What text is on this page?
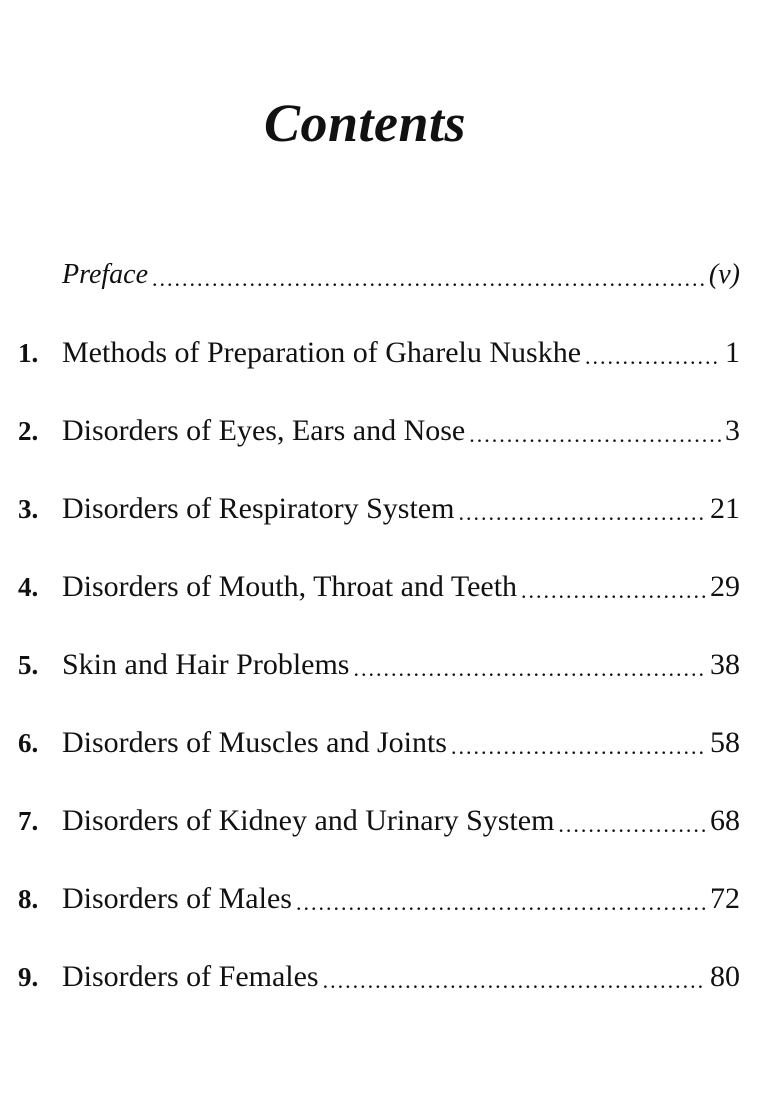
Contents
Preface .....	(v)
1. Methods of Preparation of Gharelu Nuskhe .....	1
2. Disorders of Eyes, Ears and Nose .....	3
3. Disorders of Respiratory System .....	21
4. Disorders of Mouth, Throat and Teeth .....	29
5. Skin and Hair Problems .....	38
6. Disorders of Muscles and Joints .....	58
7. Disorders of Kidney and Urinary System .....	68
8. Disorders of Males .....	72
9. Disorders of Females .....	80
